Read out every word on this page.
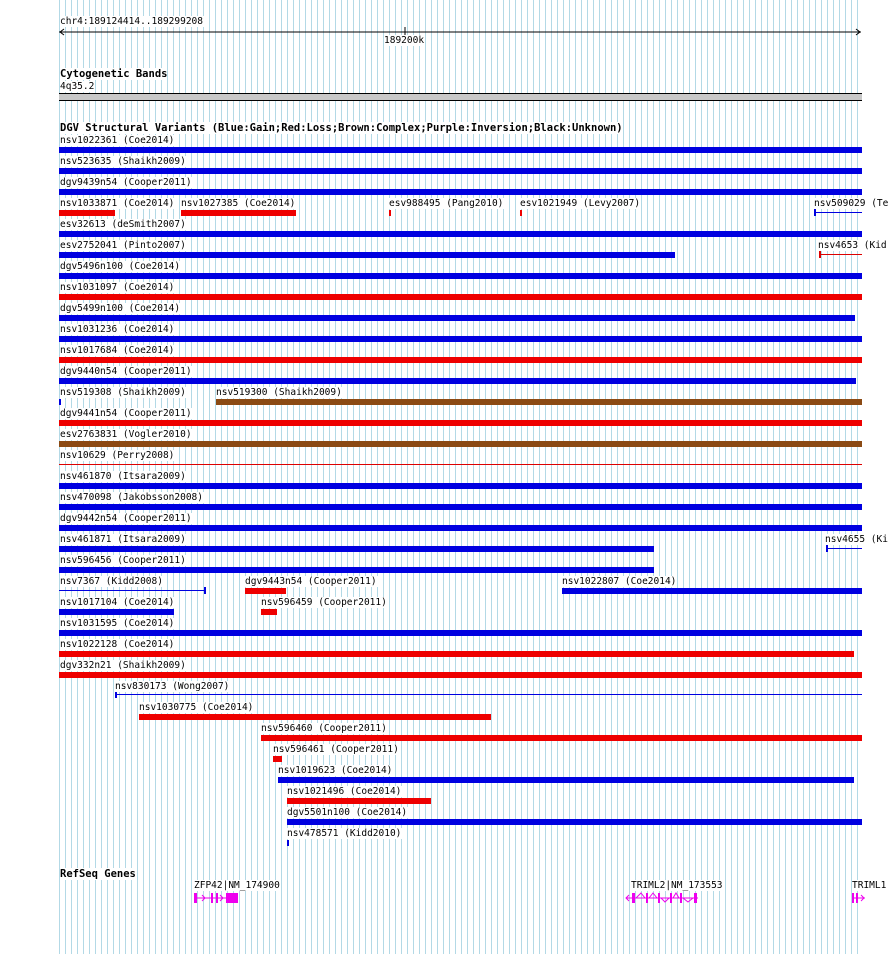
chr4:189124414..189299208
189200k
Cytogenetic Bands
4q35.2
DGV Structural Variants (Blue:Gain;Red:Loss;Brown:Complex;Purple:Inversion;Black:Unknown)
nsv1022361 (Coe2014)
nsv523635 (Shaikh2009)
dgv9439n54 (Cooper2011)
nsv1033871 (Coe2014) nsv1027385 (Coe2014)	esv988495 (Pang2010) esv1021949 (Levy2007)	nsv509029 (Te
esv32613 (deSmith2007)
esv2752041 (Pinto2007)	nsv4653 (Kid
dgv5496n100 (Coe2014)
nsv1031097 (Coe2014)
dgv5499n100 (Coe2014)
nsv1031236 (Coe2014)
nsv1017684 (Coe2014)
dgv9440n54 (Cooper2011)
nsv519308 (Shaikh2009)	nsv519300 (Shaikh2009)
dgv9441n54 (Cooper2011)
esv2763831 (Vogler2010)
nsv10629 (Perry2008)
nsv461870 (Itsara2009)
nsv470098 (Jakobsson2008)
dgv9442n54 (Cooper2011)
nsv461871 (Itsara2009)	nsv4655 (Ki
nsv596456 (Cooper2011)
nsv7367 (Kidd2008)	dgv9443n54 (Cooper2011)	nsv1022807 (Coe2014)
nsv1017104 (Coe2014)	nsv596459 (Cooper2011)
nsv1031595 (Coe2014)
nsv1022128 (Coe2014)
dgv332n21 (Shaikh2009)
nsv830173 (Wong2007)
nsv1030775 (Coe2014)
nsv596460 (Cooper2011)
nsv596461 (Cooper2011)
nsv1019623 (Coe2014)
nsv1021496 (Coe2014)
dgv5501n100 (Coe2014)
nsv478571 (Kidd2010)
RefSeq Genes
ZFP42|NM_174900	TRIML2|NM_173553	TRIML1
